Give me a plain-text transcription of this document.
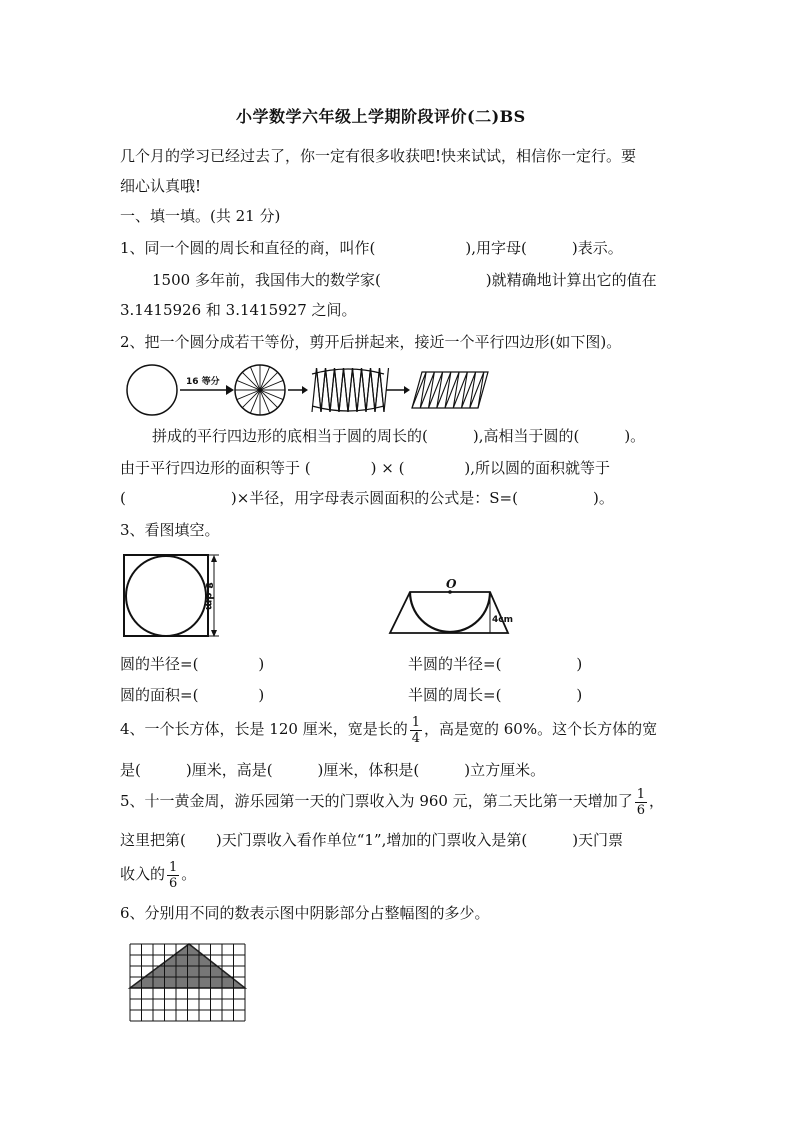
小学数学六年级上学期阶段评价(二)BS
几个月的学习已经过去了，你一定有很多收获吧!快来试试，相信你一定行。要
细心认真哦!
一、填一填。(共 21 分)
1、同一个圆的周长和直径的商，叫作(　　　　　　),用字母(　　　)表示。
1500 多年前，我国伟大的数学家(　　　　　　　)就精确地计算出它的值在
3.1415926 和 3.1415927 之间。
2、把一个圆分成若干等份，剪开后拼起来，接近一个平行四边形(如下图)。
16 等分
拼成的平行四边形的底相当于圆的周长的(　　　),高相当于圆的(　　　)。
由于平行四边形的面积等于 (　　　　) × (　　　　),所以圆的面积就等于
(　　　　　　　)×半径，用字母表示圆面积的公式是：S=(　　　　　)。
3、看图填空。
8 dm	O
4cm
圆的半径=(　　　　)	半圆的半径=(　　　　　)
圆的面积=(　　　　)	半圆的周长=(　　　　　)
4、一个长方体，长是 120 厘米，宽是长的 $\frac{1}{4}$ ，高是宽的 60%。这个长方体的宽
是(　　　)厘米，高是(　　　)厘米，体积是(　　　)立方厘米。
5、十一黄金周，游乐园第一天的门票收入为 960 元，第二天比第一天增加了 $\frac{1}{6}$ ，
这里把第(　　)天门票收入看作单位“1”,增加的门票收入是第(　　　)天门票
收入的 $\frac{1}{6}$ 。
6、分别用不同的数表示图中阴影部分占整幅图的多少。
